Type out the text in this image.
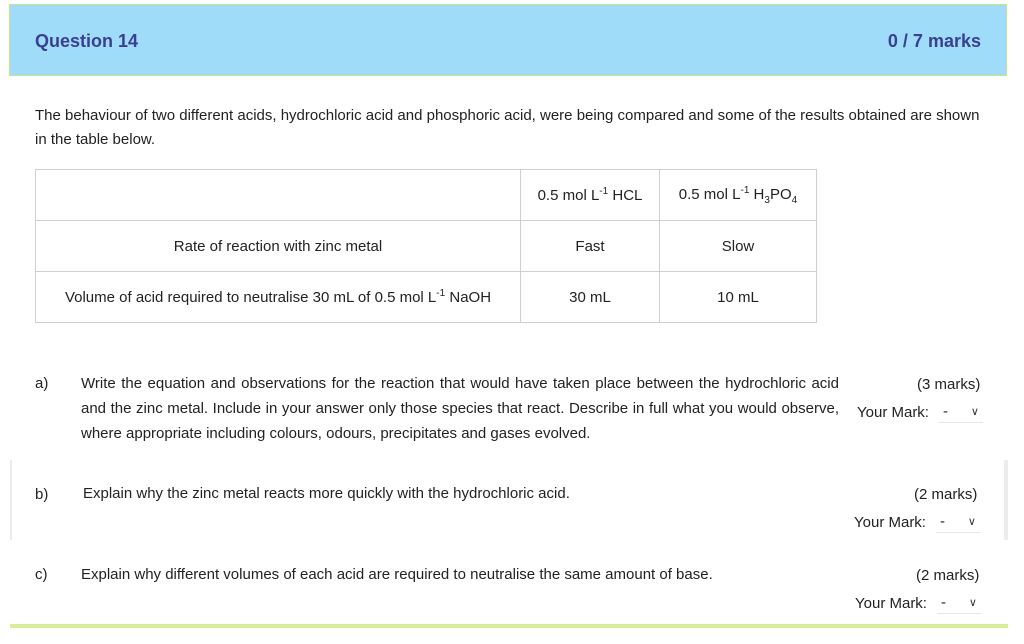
Question 14	0 / 7 marks
The behaviour of two different acids, hydrochloric acid and phosphoric acid, were being compared and some of the results obtained are shown in the table below.
	0.5 mol $L^{-1}$ HCL	0.5 mol $L^{-1}$ $H_3PO_4$
Rate of reaction with zinc metal	Fast	Slow
Volume of acid required to neutralise 30 mL of 0.5 mol $L^{-1}$ NaOH	30 mL	10 mL
a) Write the equation and observations for the reaction that would have taken place between the hydrochloric acid and the zinc metal. Include in your answer only those species that react. Describe in full what you would observe, where appropriate including colours, odours, precipitates and gases evolved.
(3 marks)
Your Mark: - ∨
b) Explain why the zinc metal reacts more quickly with the hydrochloric acid.	(2 marks)
Your Mark: - ∨
c) Explain why different volumes of each acid are required to neutralise the same amount of base.	(2 marks)
Your Mark: - ∨
